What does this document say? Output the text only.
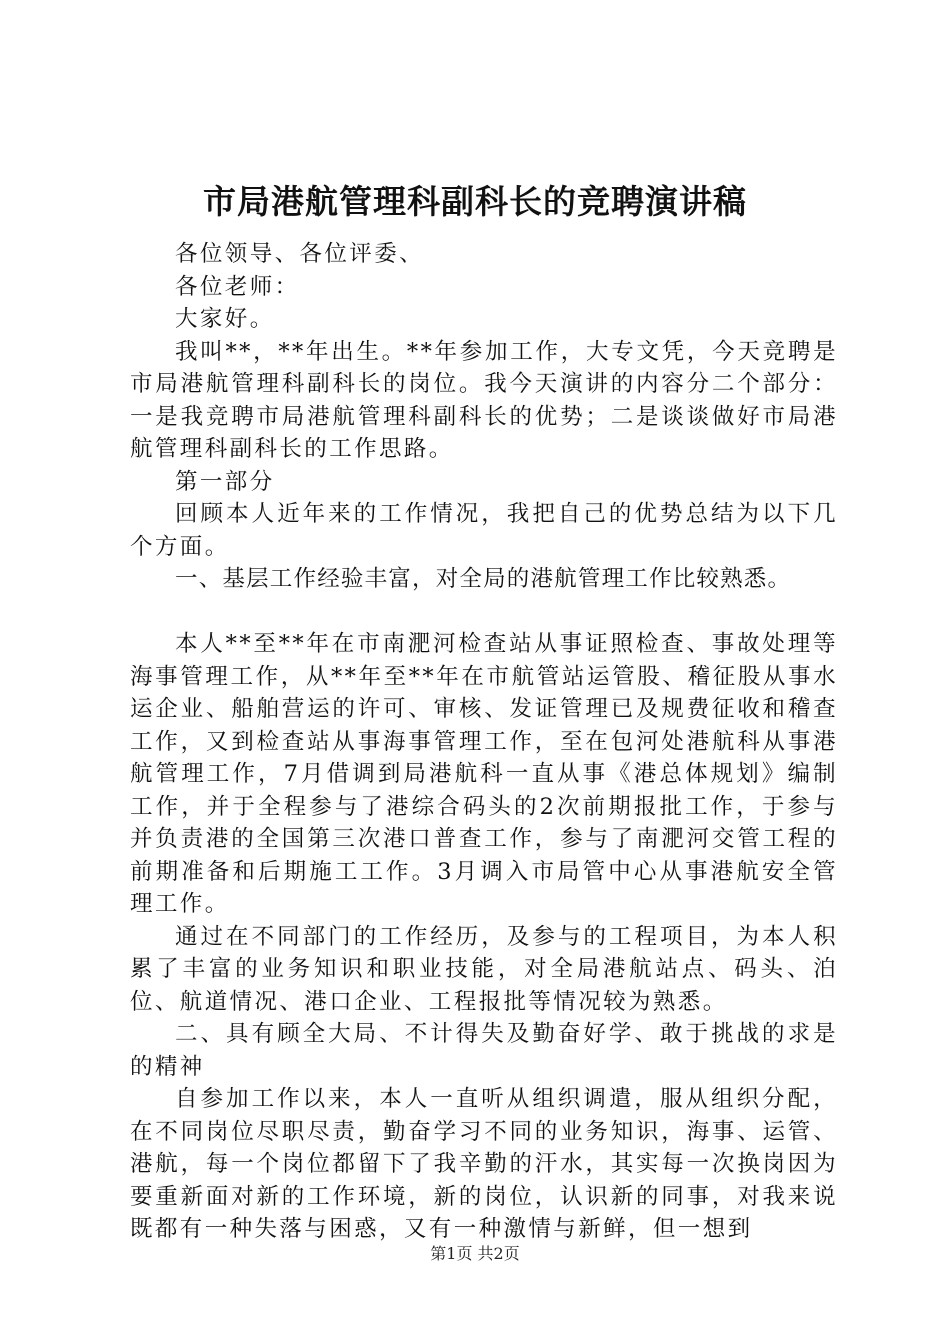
市局港航管理科副科长的竞聘演讲稿

各位领导、各位评委、

各位老师：

大家好。

我叫**，**年出生。**年参加工作，大专文凭，今天竞聘是市局港航管理科副科长的岗位。我今天演讲的内容分二个部分：一是我竞聘市局港航管理科副科长的优势；二是谈谈做好市局港航管理科副科长的工作思路。

第一部分

回顾本人近年来的工作情况，我把自己的优势总结为以下几个方面。

一、基层工作经验丰富，对全局的港航管理工作比较熟悉。

本人**至**年在市南淝河检查站从事证照检查、事故处理等海事管理工作，从**年至**年在市航管站运管股、稽征股从事水运企业、船舶营运的许可、审核、发证管理已及规费征收和稽查工作，又到检查站从事海事管理工作，至在包河处港航科从事港航管理工作，7月借调到局港航科一直从事《港总体规划》编制工作，并于全程参与了港综合码头的2次前期报批工作，于参与并负责港的全国第三次港口普查工作，参与了南淝河交管工程的前期准备和后期施工工作。3月调入市局管中心从事港航安全管理工作。

通过在不同部门的工作经历，及参与的工程项目，为本人积累了丰富的业务知识和职业技能，对全局港航站点、码头、泊位、航道情况、港口企业、工程报批等情况较为熟悉。

二、具有顾全大局、不计得失及勤奋好学、敢于挑战的求是的精神

自参加工作以来，本人一直听从组织调遣，服从组织分配，在不同岗位尽职尽责，勤奋学习不同的业务知识，海事、运管、港航，每一个岗位都留下了我辛勤的汗水，其实每一次换岗因为要重新面对新的工作环境，新的岗位，认识新的同事，对我来说既都有一种失落与困惑，又有一种激情与新鲜，但一想到

第1页 共2页
